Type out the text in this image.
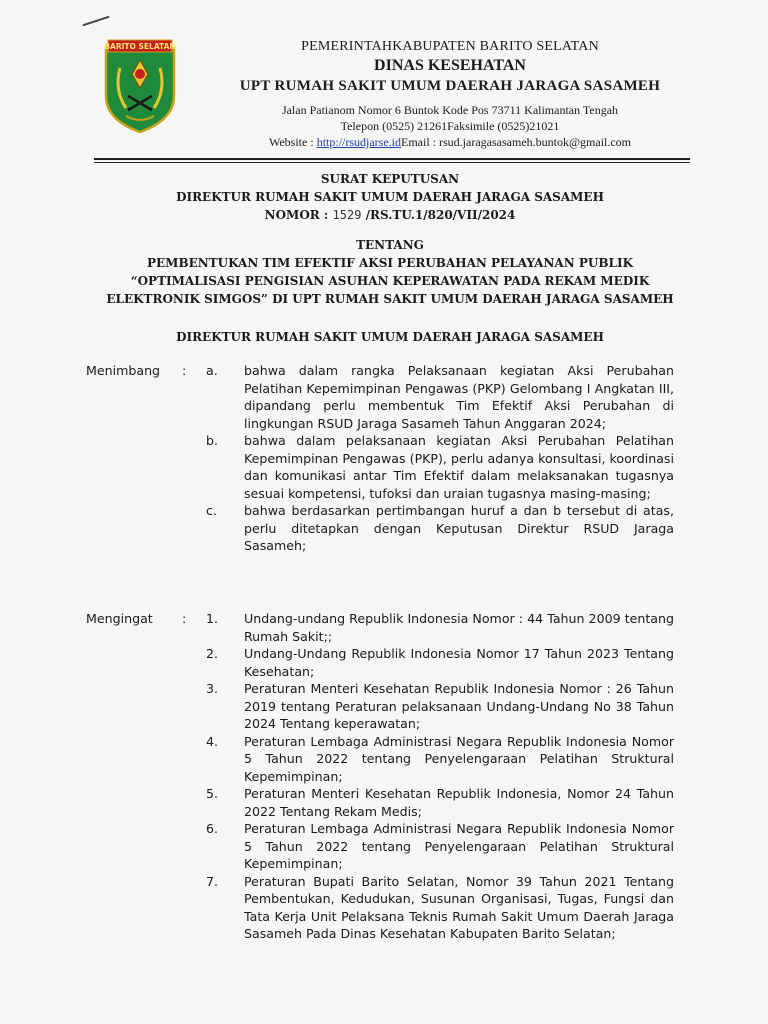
BARITO SELATAN	PEMERINTAHKABUPATEN BARITO SELATAN
DINAS KESEHATAN
UPT RUMAH SAKIT UMUM DAERAH JARAGA SASAMEH
Jalan Patianom Nomor 6 Buntok Kode Pos 73711 Kalimantan Tengah
Telepon (0525) 21261Faksimile (0525)21021
Website : http://rsudjarse.idEmail : rsud.jaragasasameh.buntok@gmail.com
SURAT KEPUTUSAN
DIREKTUR RUMAH SAKIT UMUM DAERAH JARAGA SASAMEH
NOMOR : 1529 /RS.TU.1/820/VII/2024
TENTANG
PEMBENTUKAN TIM EFEKTIF AKSI PERUBAHAN PELAYANAN PUBLIK
“OPTIMALISASI PENGISIAN ASUHAN KEPERAWATAN PADA REKAM MEDIK
ELEKTRONIK SIMGOS” DI UPT RUMAH SAKIT UMUM DAERAH JARAGA SASAMEH
DIREKTUR RUMAH SAKIT UMUM DAERAH JARAGA SASAMEH
Menimbang	:	a.	bahwa dalam rangka Pelaksanaan kegiatan Aksi Perubahan Pelatihan Kepemimpinan Pengawas (PKP) Gelombang I Angkatan III, dipandang perlu membentuk Tim Efektif Aksi Perubahan di lingkungan RSUD Jaraga Sasameh Tahun Anggaran 2024;
b.	bahwa dalam pelaksanaan kegiatan Aksi Perubahan Pelatihan Kepemimpinan Pengawas (PKP), perlu adanya konsultasi, koordinasi dan komunikasi antar Tim Efektif dalam melaksanakan tugasnya sesuai kompetensi, tufoksi dan uraian tugasnya masing-masing;
c.	bahwa berdasarkan pertimbangan huruf a dan b tersebut di atas, perlu ditetapkan dengan Keputusan Direktur RSUD Jaraga Sasameh;
Mengingat	:	1.	Undang-undang Republik Indonesia Nomor : 44 Tahun 2009 tentang Rumah Sakit;;
2.	Undang-Undang Republik Indonesia Nomor 17 Tahun 2023 Tentang Kesehatan;
3.	Peraturan Menteri Kesehatan Republik Indonesia Nomor : 26 Tahun 2019 tentang Peraturan pelaksanaan Undang-Undang No 38 Tahun 2024 Tentang keperawatan;
4.	Peraturan Lembaga Administrasi Negara Republik Indonesia Nomor 5 Tahun 2022 tentang Penyelengaraan Pelatihan Struktural Kepemimpinan;
5.	Peraturan Menteri Kesehatan Republik Indonesia, Nomor 24 Tahun 2022 Tentang Rekam Medis;
6.	Peraturan Lembaga Administrasi Negara Republik Indonesia Nomor 5 Tahun 2022 tentang Penyelengaraan Pelatihan Struktural Kepemimpinan;
7.	Peraturan Bupati Barito Selatan, Nomor 39 Tahun 2021 Tentang Pembentukan, Kedudukan, Susunan Organisasi, Tugas, Fungsi dan Tata Kerja Unit Pelaksana Teknis Rumah Sakit Umum Daerah Jaraga Sasameh Pada Dinas Kesehatan Kabupaten Barito Selatan;
